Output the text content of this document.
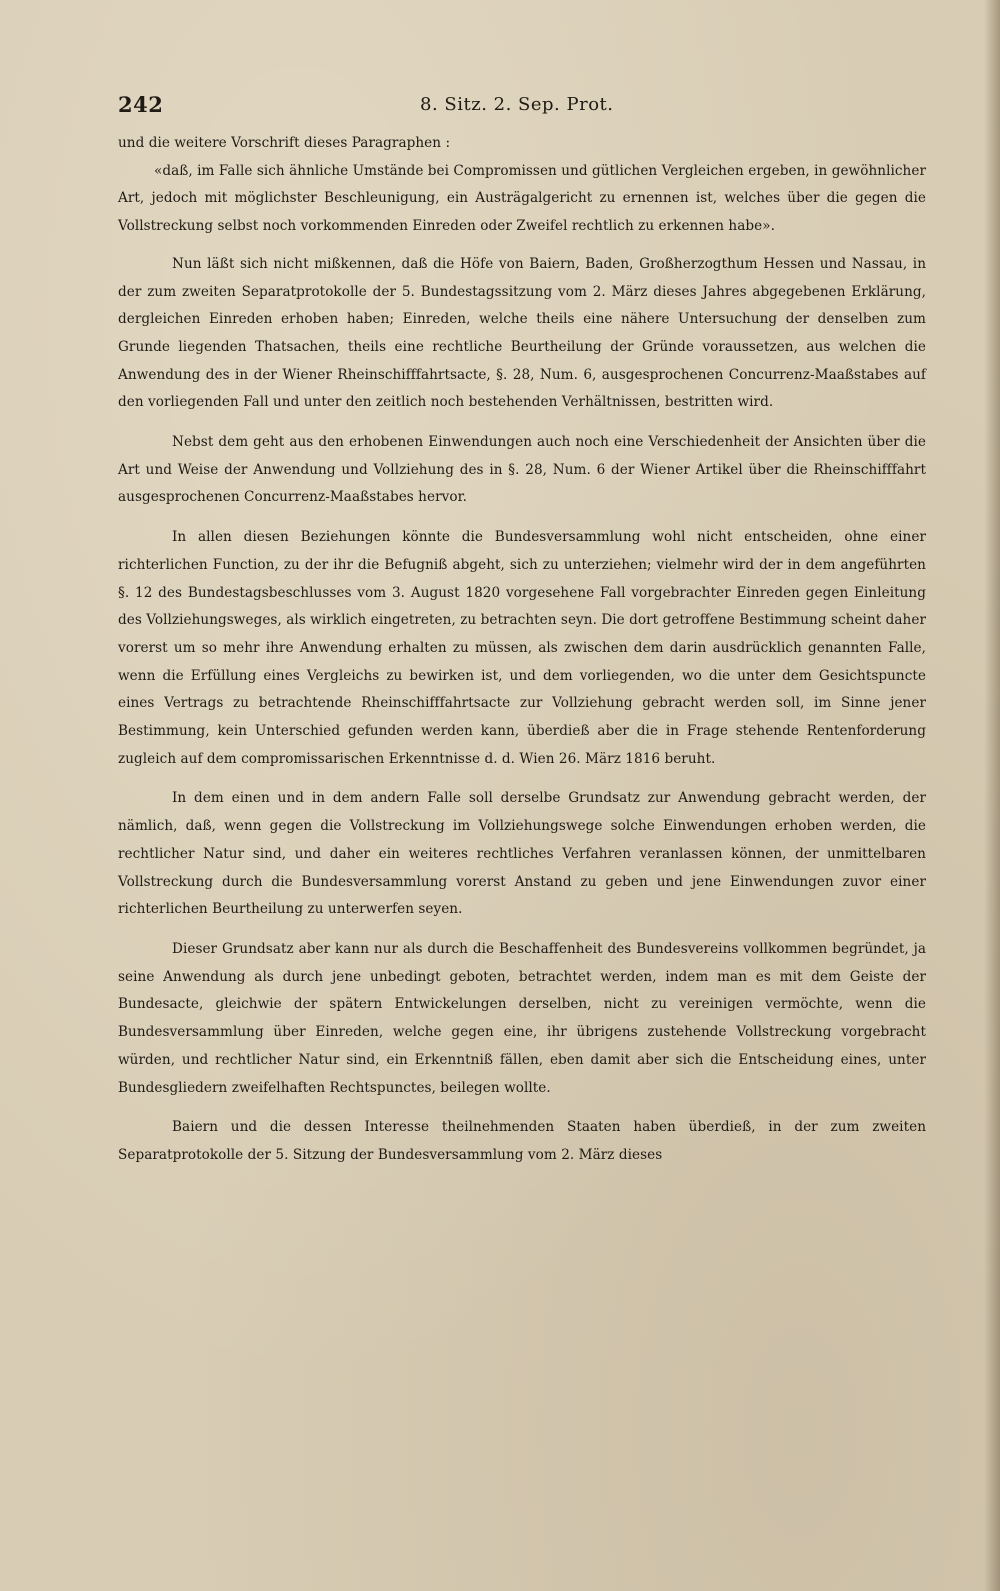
242	8. Sitz. 2. Sep. Prot.

und die weitere Vorschrift dieses Paragraphen :

«daß, im Falle sich ähnliche Umstände bei Compromissen und gütlichen Vergleichen ergeben, in gewöhnlicher Art, jedoch mit möglichster Beschleunigung, ein Austrägalgericht zu ernennen ist, welches über die gegen die Vollstreckung selbst noch vorkommenden Einreden oder Zweifel rechtlich zu erkennen habe».

Nun läßt sich nicht mißkennen, daß die Höfe von Baiern, Baden, Großherzogthum Hessen und Nassau, in der zum zweiten Separatprotokolle der 5. Bundestagssitzung vom 2. März dieses Jahres abgegebenen Erklärung, dergleichen Einreden erhoben haben; Einreden, welche theils eine nähere Untersuchung der denselben zum Grunde liegenden Thatsachen, theils eine rechtliche Beurtheilung der Gründe voraussetzen, aus welchen die Anwendung des in der Wiener Rheinschifffahrtsacte, §. 28, Num. 6, ausgesprochenen Concurrenz-Maaßstabes auf den vorliegenden Fall und unter den zeitlich noch bestehenden Verhältnissen, bestritten wird.

Nebst dem geht aus den erhobenen Einwendungen auch noch eine Verschiedenheit der Ansichten über die Art und Weise der Anwendung und Vollziehung des in §. 28, Num. 6 der Wiener Artikel über die Rheinschifffahrt ausgesprochenen Concurrenz-Maaßstabes hervor.

In allen diesen Beziehungen könnte die Bundesversammlung wohl nicht entscheiden, ohne einer richterlichen Function, zu der ihr die Befugniß abgeht, sich zu unterziehen; vielmehr wird der in dem angeführten §. 12 des Bundestagsbeschlusses vom 3. August 1820 vorgesehene Fall vorgebrachter Einreden gegen Einleitung des Vollziehungsweges, als wirklich eingetreten, zu betrachten seyn. Die dort getroffene Bestimmung scheint daher vorerst um so mehr ihre Anwendung erhalten zu müssen, als zwischen dem darin ausdrücklich genannten Falle, wenn die Erfüllung eines Vergleichs zu bewirken ist, und dem vorliegenden, wo die unter dem Gesichtspuncte eines Vertrags zu betrachtende Rheinschifffahrtsacte zur Vollziehung gebracht werden soll, im Sinne jener Bestimmung, kein Unterschied gefunden werden kann, überdieß aber die in Frage stehende Rentenforderung zugleich auf dem compromissarischen Erkenntnisse d. d. Wien 26. März 1816 beruht.

In dem einen und in dem andern Falle soll derselbe Grundsatz zur Anwendung gebracht werden, der nämlich, daß, wenn gegen die Vollstreckung im Vollziehungswege solche Einwendungen erhoben werden, die rechtlicher Natur sind, und daher ein weiteres rechtliches Verfahren veranlassen können, der unmittelbaren Vollstreckung durch die Bundesversammlung vorerst Anstand zu geben und jene Einwendungen zuvor einer richterlichen Beurtheilung zu unterwerfen seyen.

Dieser Grundsatz aber kann nur als durch die Beschaffenheit des Bundesvereins vollkommen begründet, ja seine Anwendung als durch jene unbedingt geboten, betrachtet werden, indem man es mit dem Geiste der Bundesacte, gleichwie der spätern Entwickelungen derselben, nicht zu vereinigen vermöchte, wenn die Bundesversammlung über Einreden, welche gegen eine, ihr übrigens zustehende Vollstreckung vorgebracht würden, und rechtlicher Natur sind, ein Erkenntniß fällen, eben damit aber sich die Entscheidung eines, unter Bundesgliedern zweifelhaften Rechtspunctes, beilegen wollte.

Baiern und die dessen Interesse theilnehmenden Staaten haben überdieß, in der zum zweiten Separatprotokolle der 5. Sitzung der Bundesversammlung vom 2. März dieses
